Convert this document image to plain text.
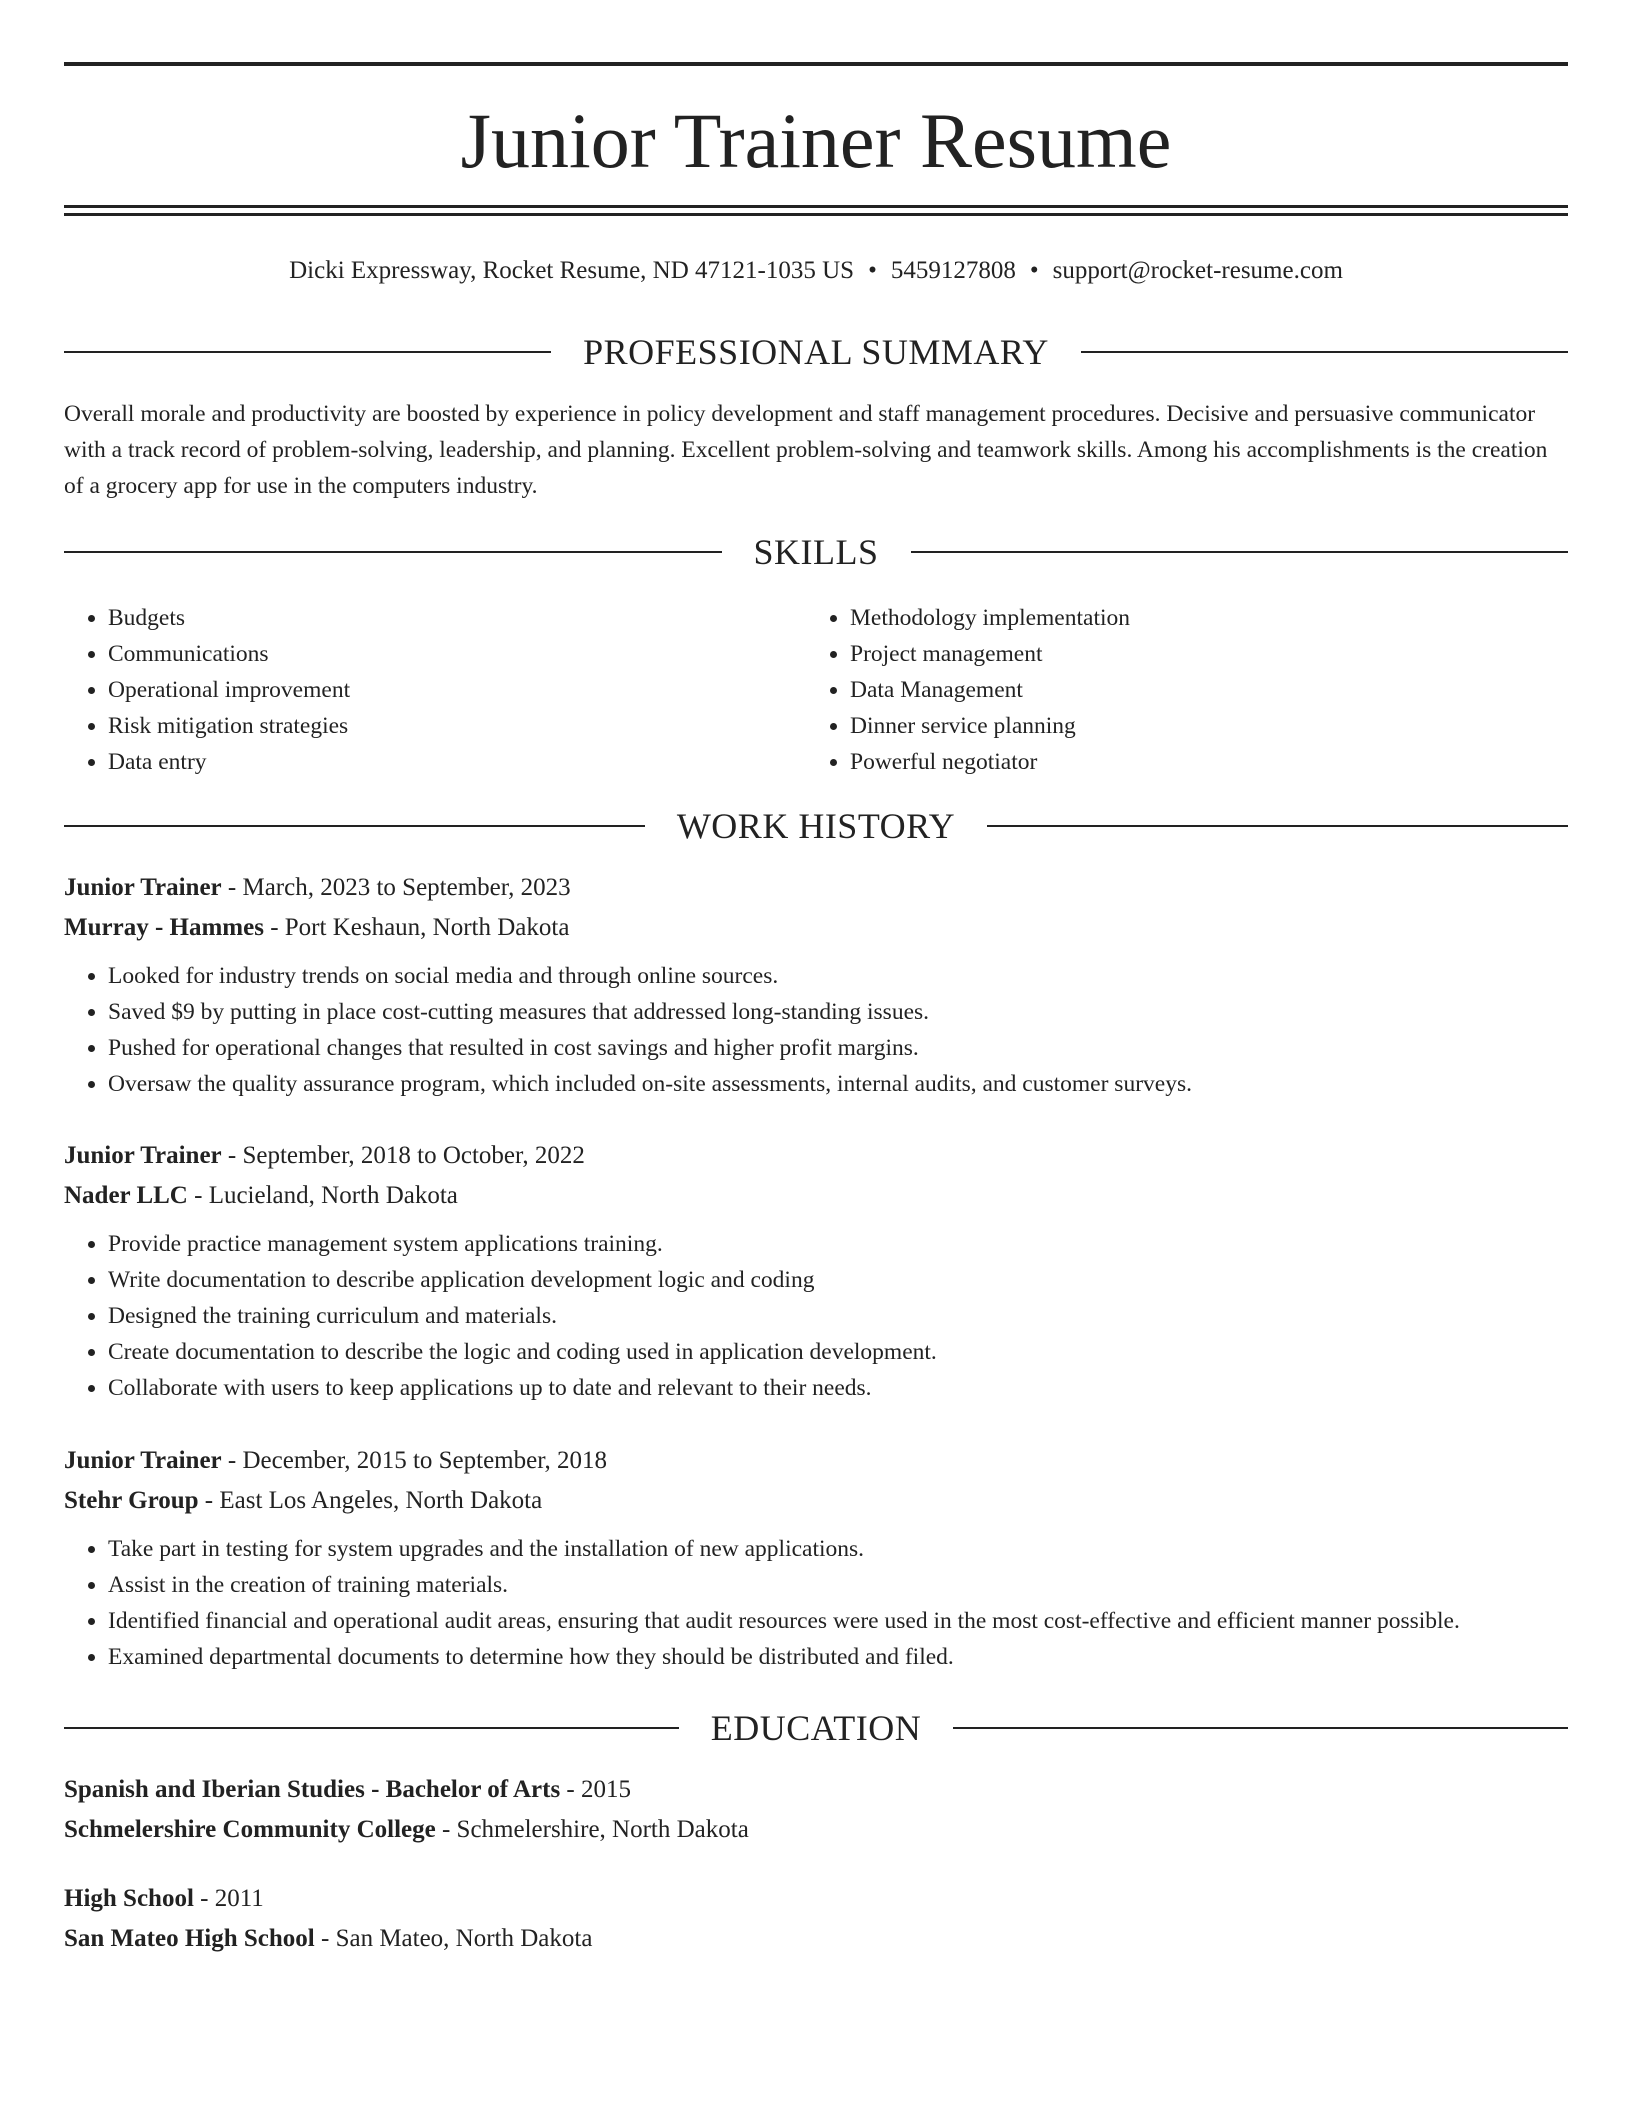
Junior Trainer Resume
Dicki Expressway, Rocket Resume, ND 47121-1035 US • 5459127808 • support@rocket-resume.com
PROFESSIONAL SUMMARY
Overall morale and productivity are boosted by experience in policy development and staff management procedures. Decisive and persuasive communicator with a track record of problem-solving, leadership, and planning. Excellent problem-solving and teamwork skills. Among his accomplishments is the creation of a grocery app for use in the computers industry.
SKILLS
• Budgets
• Communications
• Operational improvement
• Risk mitigation strategies
• Data entry
• Methodology implementation
• Project management
• Data Management
• Dinner service planning
• Powerful negotiator
WORK HISTORY
Junior Trainer - March, 2023 to September, 2023
Murray - Hammes - Port Keshaun, North Dakota
• Looked for industry trends on social media and through online sources.
• Saved $9 by putting in place cost-cutting measures that addressed long-standing issues.
• Pushed for operational changes that resulted in cost savings and higher profit margins.
• Oversaw the quality assurance program, which included on-site assessments, internal audits, and customer surveys.
Junior Trainer - September, 2018 to October, 2022
Nader LLC - Lucieland, North Dakota
• Provide practice management system applications training.
• Write documentation to describe application development logic and coding
• Designed the training curriculum and materials.
• Create documentation to describe the logic and coding used in application development.
• Collaborate with users to keep applications up to date and relevant to their needs.
Junior Trainer - December, 2015 to September, 2018
Stehr Group - East Los Angeles, North Dakota
• Take part in testing for system upgrades and the installation of new applications.
• Assist in the creation of training materials.
• Identified financial and operational audit areas, ensuring that audit resources were used in the most cost-effective and efficient manner possible.
• Examined departmental documents to determine how they should be distributed and filed.
EDUCATION
Spanish and Iberian Studies - Bachelor of Arts - 2015
Schmelershire Community College - Schmelershire, North Dakota
High School - 2011
San Mateo High School - San Mateo, North Dakota
